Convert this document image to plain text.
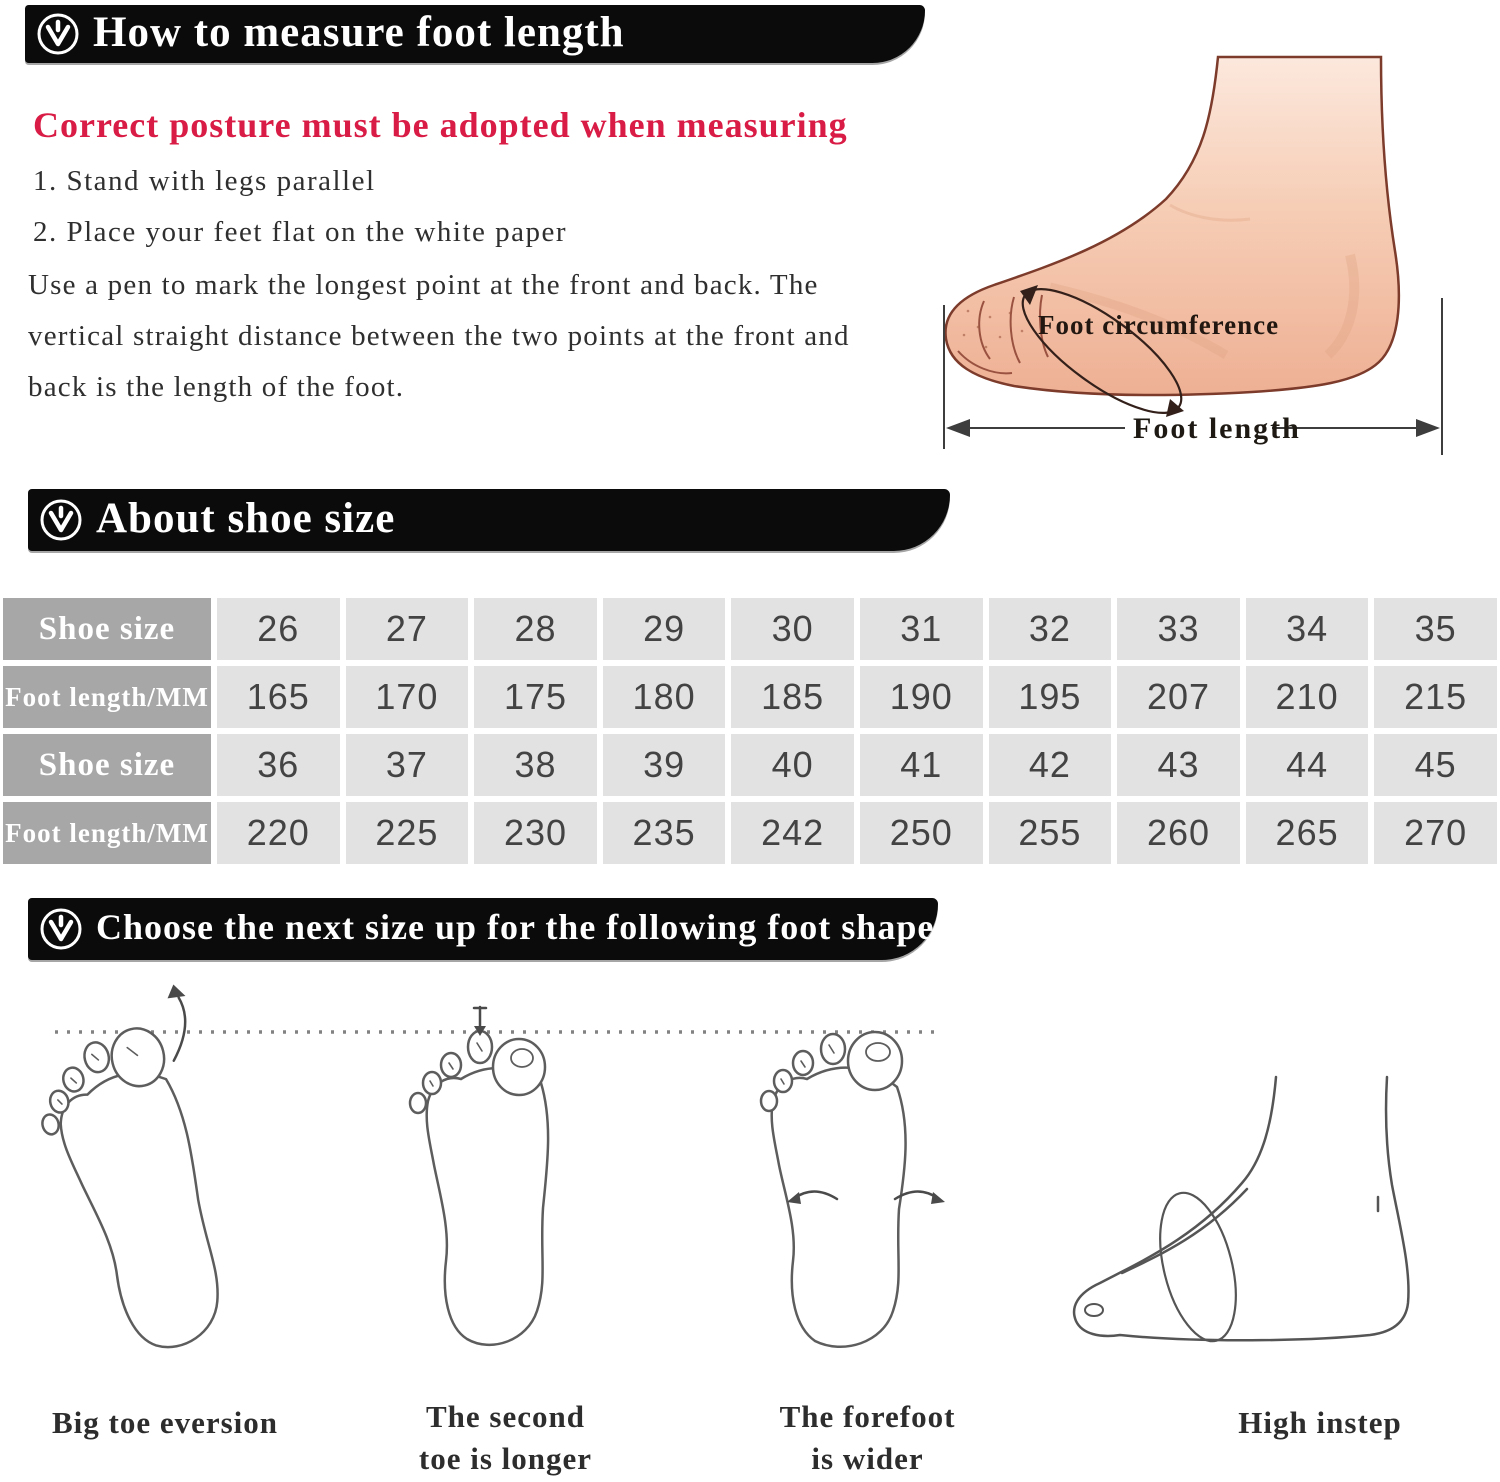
How to measure foot length
Correct posture must be adopted when measuring
1. Stand with legs parallel
2. Place your feet flat on the white paper
Use a pen to mark the longest point at the front and back. The vertical straight distance between the two points at the front and back is the length of the foot.
Foot circumference
Foot length
About shoe size
Shoe size	26	27	28	29	30	31	32	33	34	35
Foot length/MM	165	170	175	180	185	190	195	207	210	215
Shoe size	36	37	38	39	40	41	42	43	44	45
Foot length/MM	220	225	230	235	242	250	255	260	265	270
Choose the next size up for the following foot shapes
Big toe eversion	The second
toe is longer
The forefoot
is wider
High instep
